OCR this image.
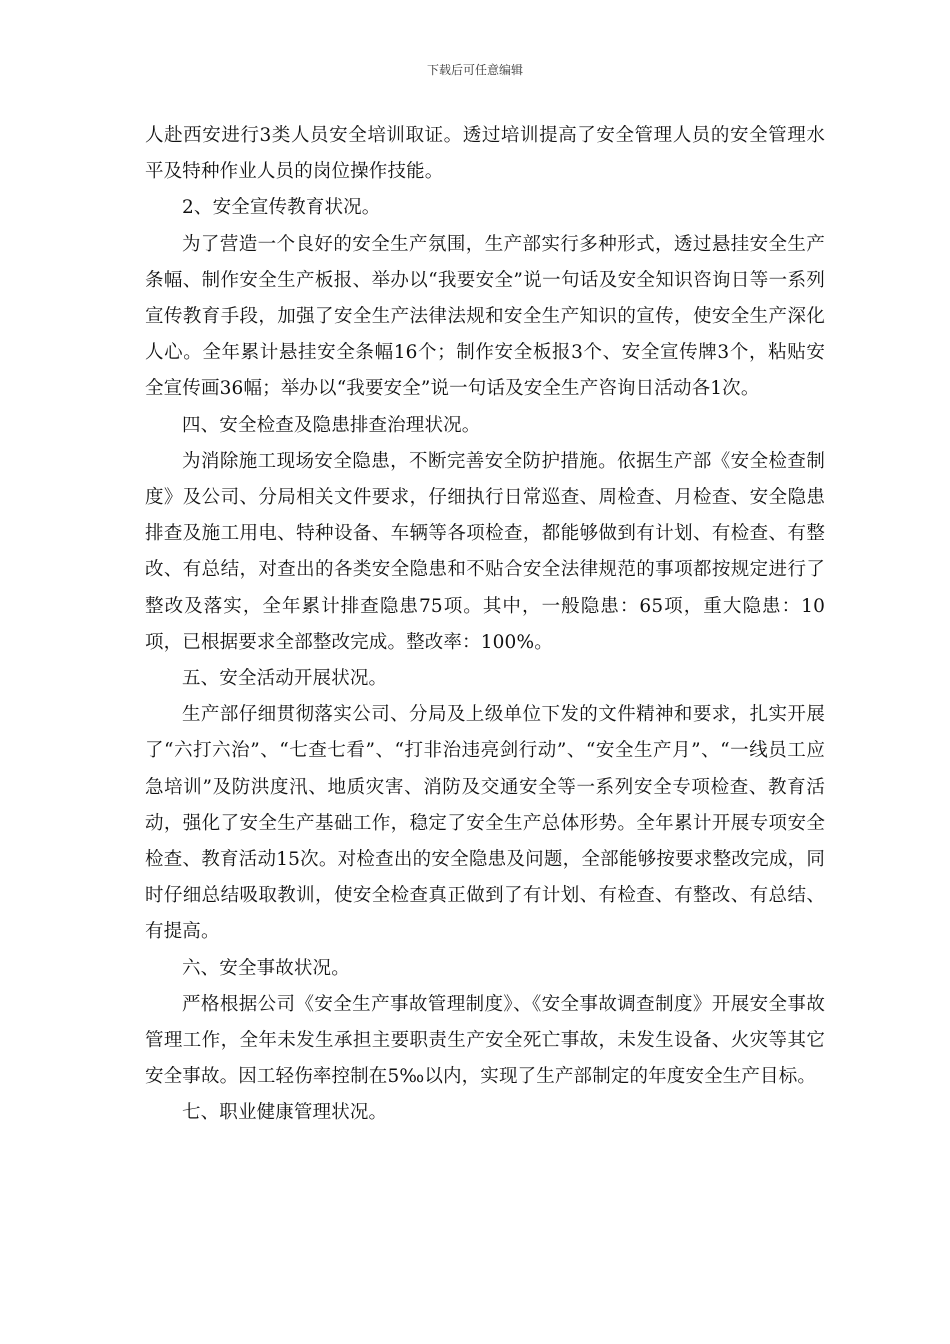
下载后可任意编辑

人赴西安进行3类人员安全培训取证。透过培训提高了安全管理人员的安全管理水平及特种作业人员的岗位操作技能。

2、安全宣传教育状况。

为了营造一个良好的安全生产氛围，生产部实行多种形式，透过悬挂安全生产条幅、制作安全生产板报、举办以“我要安全”说一句话及安全知识咨询日等一系列宣传教育手段，加强了安全生产法律法规和安全生产知识的宣传，使安全生产深化人心。全年累计悬挂安全条幅16个；制作安全板报3个、安全宣传牌3个，粘贴安全宣传画36幅；举办以“我要安全”说一句话及安全生产咨询日活动各1次。

四、安全检查及隐患排查治理状况。

为消除施工现场安全隐患，不断完善安全防护措施。依据生产部《安全检查制度》及公司、分局相关文件要求，仔细执行日常巡查、周检查、月检查、安全隐患排查及施工用电、特种设备、车辆等各项检查，都能够做到有计划、有检查、有整改、有总结，对查出的各类安全隐患和不贴合安全法律规范的事项都按规定进行了整改及落实，全年累计排查隐患75项。其中，一般隐患：65项，重大隐患：10项，已根据要求全部整改完成。整改率：100%。

五、安全活动开展状况。

生产部仔细贯彻落实公司、分局及上级单位下发的文件精神和要求，扎实开展了“六打六治”、“七查七看”、“打非治违亮剑行动”、“安全生产月”、“一线员工应急培训”及防洪度汛、地质灾害、消防及交通安全等一系列安全专项检查、教育活动，强化了安全生产基础工作，稳定了安全生产总体形势。全年累计开展专项安全检查、教育活动15次。对检查出的安全隐患及问题，全部能够按要求整改完成，同时仔细总结吸取教训，使安全检查真正做到了有计划、有检查、有整改、有总结、有提高。

六、安全事故状况。

严格根据公司《安全生产事故管理制度》、《安全事故调查制度》开展安全事故管理工作，全年未发生承担主要职责生产安全死亡事故，未发生设备、火灾等其它安全事故。因工轻伤率控制在5‰以内，实现了生产部制定的年度安全生产目标。

七、职业健康管理状况。
